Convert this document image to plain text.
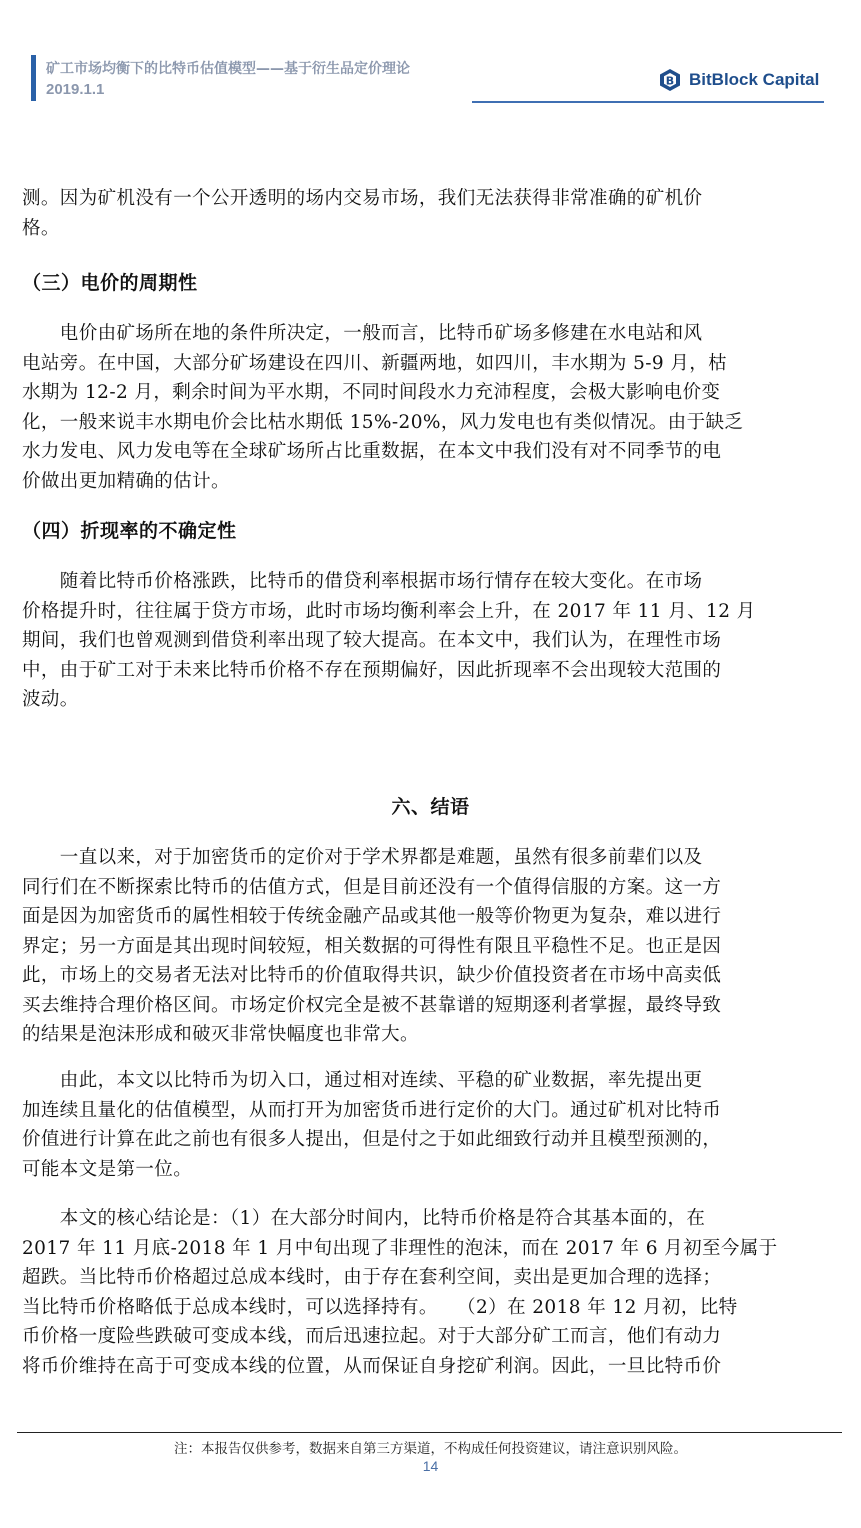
矿工市场均衡下的比特币估值模型——基于衍生品定价理论
2019.1.1	B BitBlock Capital
测。因为矿机没有一个公开透明的场内交易市场，我们无法获得非常准确的矿机价
格。
（三）电价的周期性
　　电价由矿场所在地的条件所决定，一般而言，比特币矿场多修建在水电站和风
电站旁。在中国，大部分矿场建设在四川、新疆两地，如四川，丰水期为 5-9 月，枯
水期为 12-2 月，剩余时间为平水期，不同时间段水力充沛程度，会极大影响电价变
化，一般来说丰水期电价会比枯水期低 15%-20%，风力发电也有类似情况。由于缺乏
水力发电、风力发电等在全球矿场所占比重数据，在本文中我们没有对不同季节的电
价做出更加精确的估计。
（四）折现率的不确定性
　　随着比特币价格涨跌，比特币的借贷利率根据市场行情存在较大变化。在市场
价格提升时，往往属于贷方市场，此时市场均衡利率会上升，在 2017 年 11 月、12 月
期间，我们也曾观测到借贷利率出现了较大提高。在本文中，我们认为，在理性市场
中，由于矿工对于未来比特币价格不存在预期偏好，因此折现率不会出现较大范围的
波动。
六、结语
　　一直以来，对于加密货币的定价对于学术界都是难题，虽然有很多前辈们以及
同行们在不断探索比特币的估值方式，但是目前还没有一个值得信服的方案。这一方
面是因为加密货币的属性相较于传统金融产品或其他一般等价物更为复杂，难以进行
界定；另一方面是其出现时间较短，相关数据的可得性有限且平稳性不足。也正是因
此，市场上的交易者无法对比特币的价值取得共识，缺少价值投资者在市场中高卖低
买去维持合理价格区间。市场定价权完全是被不甚靠谱的短期逐利者掌握，最终导致
的结果是泡沫形成和破灭非常快幅度也非常大。
　　由此，本文以比特币为切入口，通过相对连续、平稳的矿业数据，率先提出更
加连续且量化的估值模型，从而打开为加密货币进行定价的大门。通过矿机对比特币
价值进行计算在此之前也有很多人提出，但是付之于如此细致行动并且模型预测的，
可能本文是第一位。
　　本文的核心结论是：（1）在大部分时间内，比特币价格是符合其基本面的，在
2017 年 11 月底-2018 年 1 月中旬出现了非理性的泡沫，而在 2017 年 6 月初至今属于
超跌。当比特币价格超过总成本线时，由于存在套利空间，卖出是更加合理的选择；
当比特币价格略低于总成本线时，可以选择持有。　　（2）在 2018 年 12 月初，比特
币价格一度险些跌破可变成本线，而后迅速拉起。对于大部分矿工而言，他们有动力
将币价维持在高于可变成本线的位置，从而保证自身挖矿利润。因此，一旦比特币价
注：本报告仅供参考，数据来自第三方渠道，不构成任何投资建议，请注意识别风险。
14
